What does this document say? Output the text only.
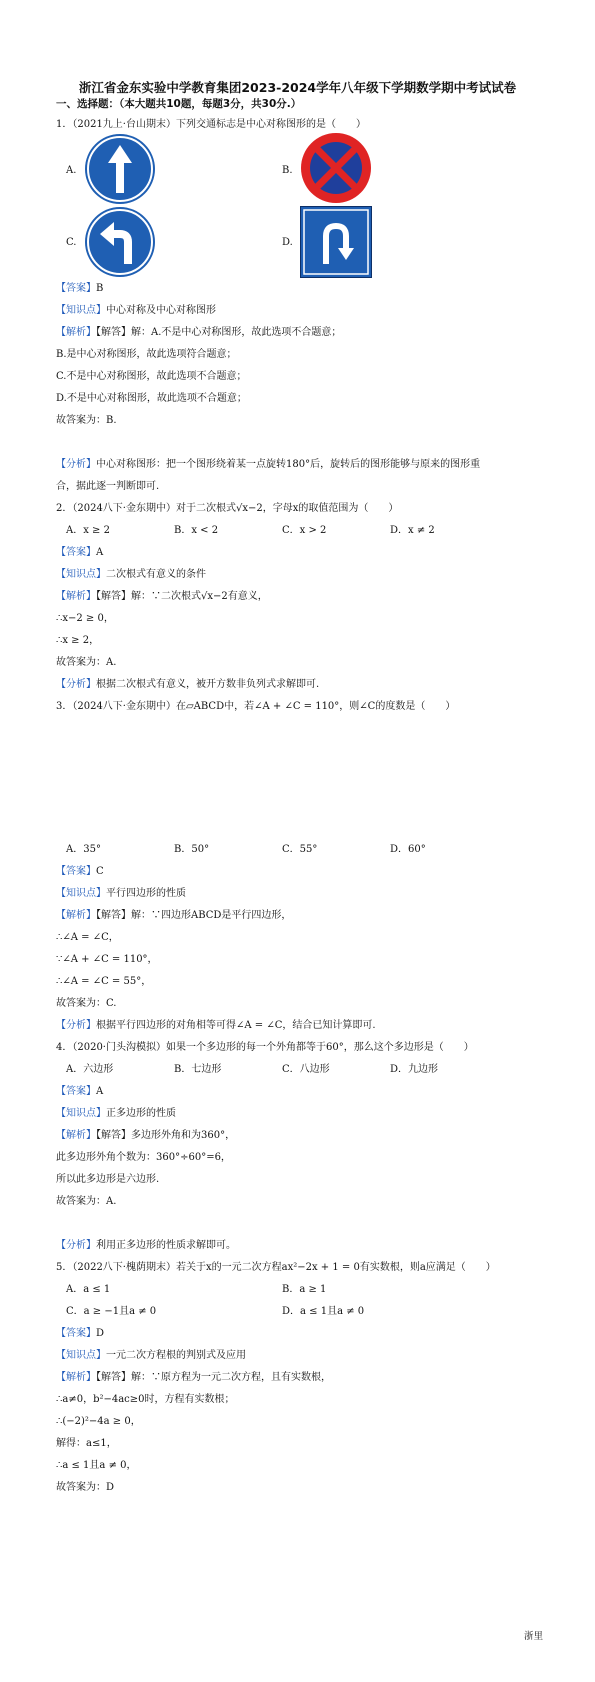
浙江省金东实验中学教育集团2023-2024学年八年级下学期数学期中考试试卷
一、选择题：（本大题共10题，每题3分，共30分.）
1．（2021九上·台山期末）下列交通标志是中心对称图形的是（　　）
A.	B.
C.	D.
【答案】B
【知识点】中心对称及中心对称图形
【解析】【解答】解：A.不是中心对称图形，故此选项不合题意；
B.是中心对称图形，故此选项符合题意；
C.不是中心对称图形，故此选项不合题意；
D.不是中心对称图形，故此选项不合题意；
故答案为：B.
【分析】中心对称图形：把一个图形绕着某一点旋转180°后，旋转后的图形能够与原来的图形重
合，据此逐一判断即可.
2．（2024八下·金东期中）对于二次根式√x−2，字母x的取值范围为（　　）
A．x ≥ 2	B．x < 2	C．x > 2	D．x ≠ 2
【答案】A
【知识点】二次根式有意义的条件
【解析】【解答】解：∵二次根式√x−2有意义，
∴x−2 ≥ 0，
∴x ≥ 2，
故答案为：A.
【分析】根据二次根式有意义，被开方数非负列式求解即可.
3．（2024八下·金东期中）在▱ABCD中，若∠A + ∠C = 110°，则∠C的度数是（　　）
A．35°	B．50°	C．55°	D．60°
【答案】C
【知识点】平行四边形的性质
【解析】【解答】解：∵四边形ABCD是平行四边形，
∴∠A = ∠C，
∵∠A + ∠C = 110°，
∴∠A = ∠C = 55°，
故答案为：C.
【分析】根据平行四边形的对角相等可得∠A = ∠C，结合已知计算即可.
4．（2020·门头沟模拟）如果一个多边形的每一个外角都等于60°，那么这个多边形是（　　）
A．六边形	B．七边形	C．八边形	D．九边形
【答案】A
【知识点】正多边形的性质
【解析】【解答】多边形外角和为360°，
此多边形外角个数为：360°÷60°=6，
所以此多边形是六边形.
故答案为：A.
【分析】利用正多边形的性质求解即可。
5．（2022八下·槐荫期末）若关于x的一元二次方程ax²−2x + 1 = 0有实数根，则a应满足（　　）
A．a ≤ 1	B．a ≥ 1
C．a ≥ −1且a ≠ 0	D．a ≤ 1且a ≠ 0
【答案】D
【知识点】一元二次方程根的判别式及应用
【解析】【解答】解：∵原方程为一元二次方程，且有实数根，
∴a≠0，b²−4ac≥0时，方程有实数根；
∴(−2)²−4a ≥ 0，
解得：a≤1，
∴a ≤ 1且a ≠ 0，
故答案为：D
浙里
